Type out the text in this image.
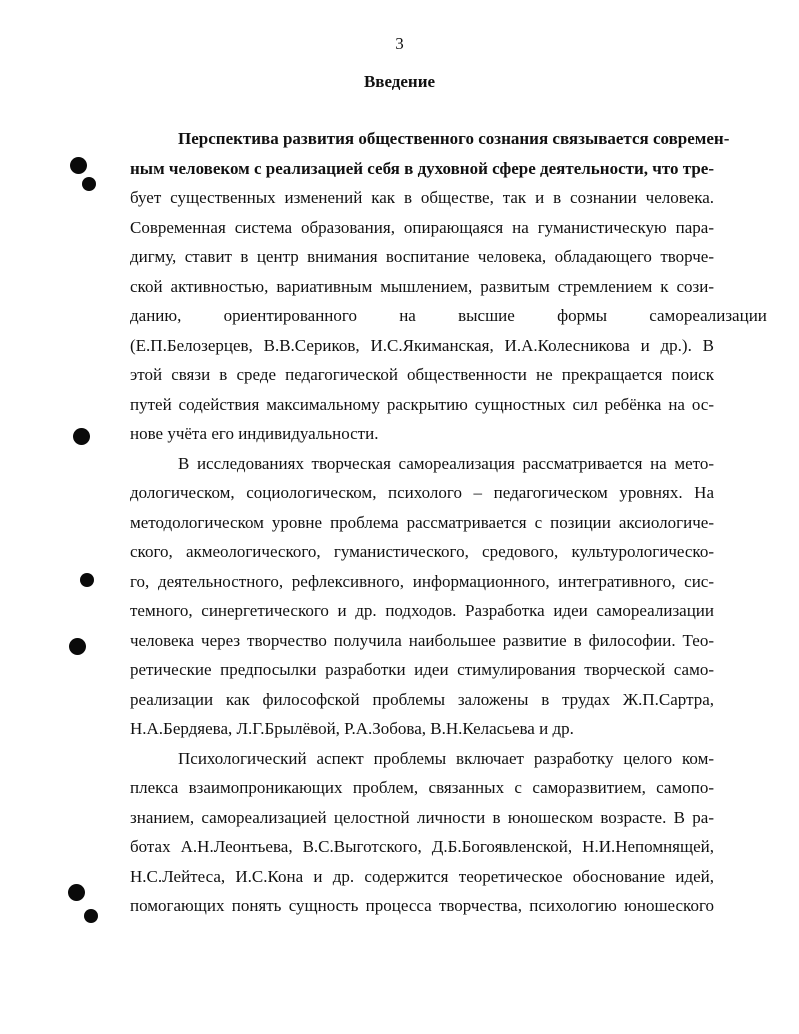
3
Введение
Перспектива развития общественного сознания связывается современ-
ным человеком с реализацией себя в духовной сфере деятельности, что тре-
бует существенных изменений как в обществе, так и в сознании человека.
Современная система образования, опирающаяся на гуманистическую пара-
дигму, ставит в центр внимания воспитание человека, обладающего творче-
ской активностью, вариативным мышлением, развитым стремлением к сози-
данию, ориентированного на высшие формы самореализации
(Е.П.Белозерцев, В.В.Сериков, И.С.Якиманская, И.А.Колесникова и др.). В
этой связи в среде педагогической общественности не прекращается поиск
путей содействия максимальному раскрытию сущностных сил ребёнка на ос-
нове учёта его индивидуальности.
В исследованиях творческая самореализация рассматривается на мето-
дологическом, социологическом, психолого – педагогическом уровнях. На
методологическом уровне проблема рассматривается с позиции аксиологиче-
ского, акмеологического, гуманистического, средового, культурологическо-
го, деятельностного, рефлексивного, информационного, интегративного, сис-
темного, синергетического и др. подходов. Разработка идеи самореализации
человека через творчество получила наибольшее развитие в философии. Тео-
ретические предпосылки разработки идеи стимулирования творческой само-
реализации как философской проблемы заложены в трудах Ж.П.Сартра,
Н.А.Бердяева, Л.Г.Брылёвой, Р.А.Зобова, В.Н.Келасьева и др.
Психологический аспект проблемы включает разработку целого ком-
плекса взаимопроникающих проблем, связанных с саморазвитием, самопо-
знанием, самореализацией целостной личности в юношеском возрасте. В ра-
ботах А.Н.Леонтьева, В.С.Выготского, Д.Б.Богоявленской, Н.И.Непомнящей,
Н.С.Лейтеса, И.С.Кона и др. содержится теоретическое обоснование идей,
помогающих понять сущность процесса творчества, психологию юношеского
